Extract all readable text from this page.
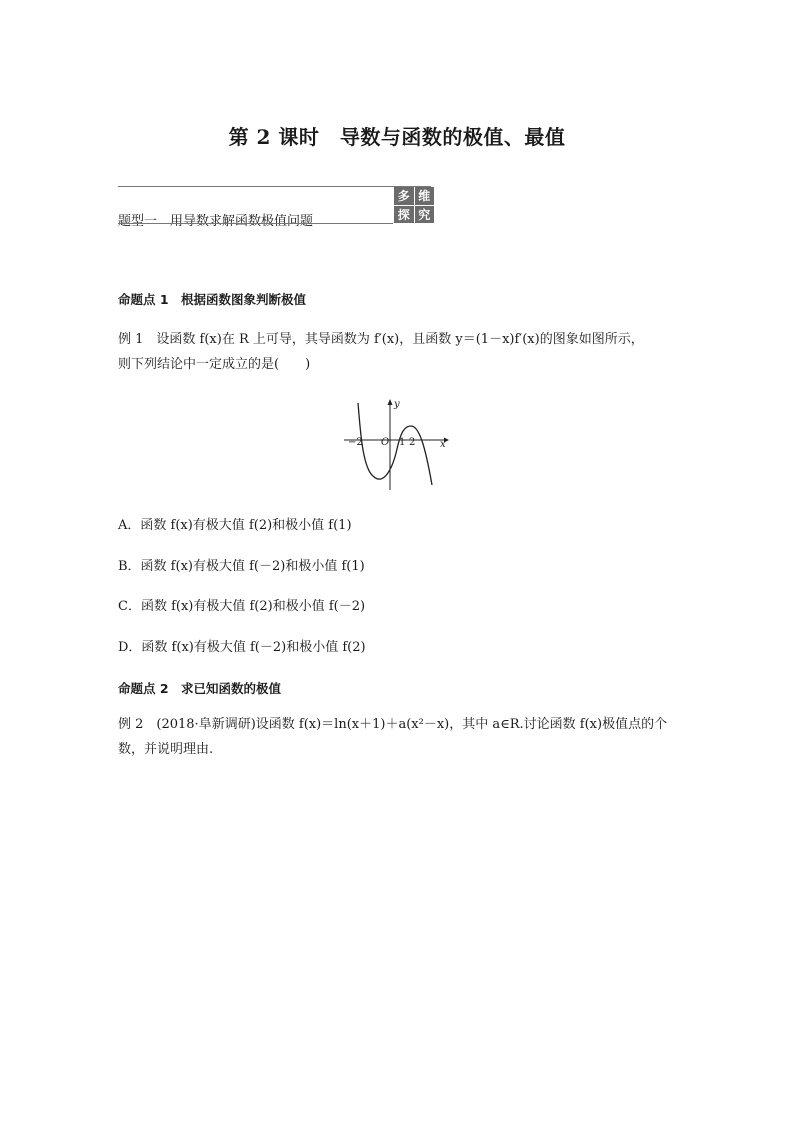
第 2 课时　导数与函数的极值、最值
题型一　用导数求解函数极值问题
多 维
探 究
命题点 1　根据函数图象判断极值
例 1　设函数 f(x)在 R 上可导，其导函数为 f′(x)，且函数 y＝(1－x)f′(x)的图象如图所示，
则下列结论中一定成立的是(　　)
y
x
O
−2	1 2
A．函数 f(x)有极大值 f(2)和极小值 f(1)
B．函数 f(x)有极大值 f(－2)和极小值 f(1)
C．函数 f(x)有极大值 f(2)和极小值 f(－2)
D．函数 f(x)有极大值 f(－2)和极小值 f(2)
命题点 2　求已知函数的极值
例 2　(2018·阜新调研)设函数 f(x)＝ln(x＋1)＋a(x²－x)，其中 a∈R.讨论函数 f(x)极值点的个
数，并说明理由.
